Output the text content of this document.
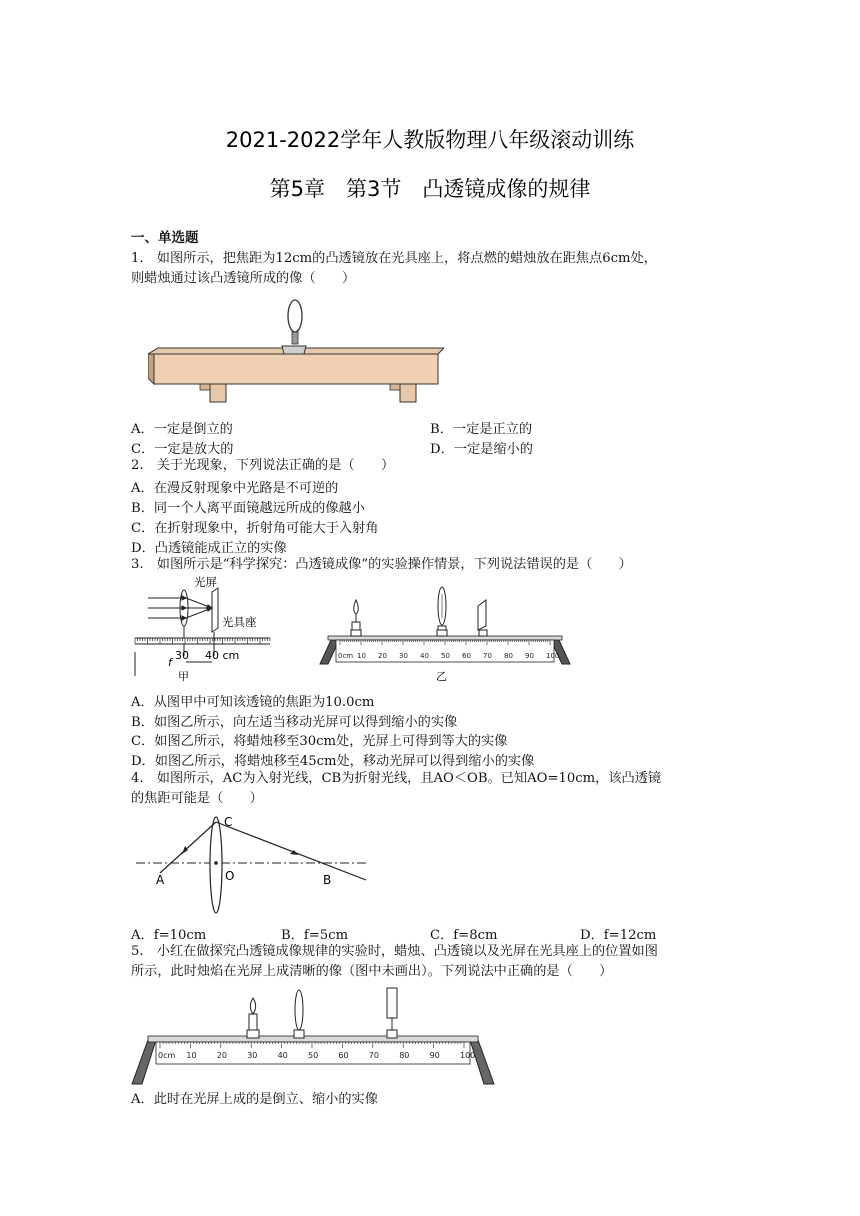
2021-2022学年人教版物理八年级滚动训练
第5章　第3节　凸透镜成像的规律
一、单选题
1.　如图所示，把焦距为12cm的凸透镜放在光具座上，将点燃的蜡烛放在距焦点6cm处，
则蜡烛通过该凸透镜所成的像（　　）
A．一定是倒立的	B．一定是正立的
C．一定是放大的	D．一定是缩小的
2.　关于光现象，下列说法正确的是（　　）
A．在漫反射现象中光路是不可逆的
B．同一个人离平面镜越远所成的像越小
C．在折射现象中，折射角可能大于入射角
D．凸透镜能成正立的实像
3.　如图所示是“科学探究：凸透镜成像”的实验操作情景，下列说法错误的是（　　）
光屏
光具座
30 40 cm
f
甲
0cm 10 20 30 40 50 60 70 80 90 100
乙
A．从图甲中可知该透镜的焦距为10.0cm
B．如图乙所示，向左适当移动光屏可以得到缩小的实像
C．如图乙所示，将蜡烛移至30cm处，光屏上可得到等大的实像
D．如图乙所示，将蜡烛移至45cm处，移动光屏可以得到缩小的实像
4.　如图所示，AC为入射光线，CB为折射光线，且AO＜OB。已知AO=10cm，该凸透镜
的焦距可能是（　　）
A	O	B
C
A．f=10cm	B．f=5cm	C．f=8cm	D．f=12cm
5.　小红在做探究凸透镜成像规律的实验时，蜡烛、凸透镜以及光屏在光具座上的位置如图
所示，此时烛焰在光屏上成清晰的像（图中未画出）。下列说法中正确的是（　　）
0cm 10	20	30	40	50	60	70	80	90	100
A．此时在光屏上成的是倒立、缩小的实像
